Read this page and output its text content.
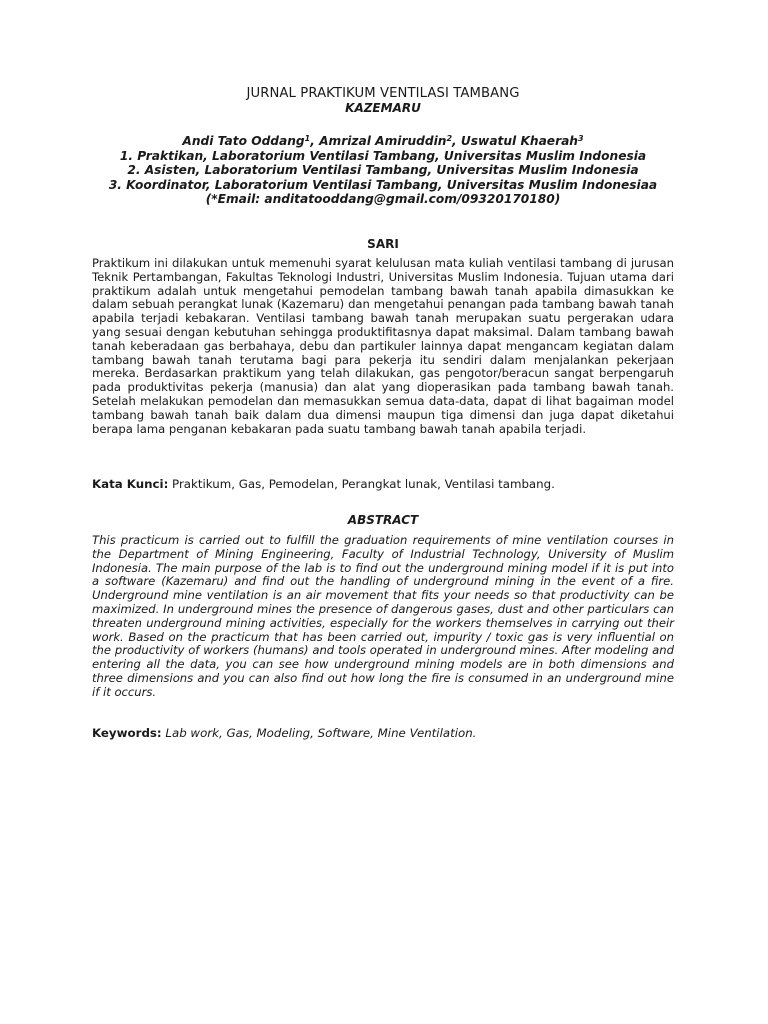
JURNAL PRAKTIKUM VENTILASI TAMBANG
KAZEMARU
Andi Tato Oddang$^1$, Amrizal Amiruddin$^2$, Uswatul Khaerah$^3$
1. Praktikan, Laboratorium Ventilasi Tambang, Universitas Muslim Indonesia
2. Asisten, Laboratorium Ventilasi Tambang, Universitas Muslim Indonesia
3. Koordinator, Laboratorium Ventilasi Tambang, Universitas Muslim Indonesiaa
(*Email: anditatooddang@gmail.com/09320170180)
SARI
Praktikum ini dilakukan untuk memenuhi syarat kelulusan mata kuliah ventilasi tambang di jurusan Teknik Pertambangan, Fakultas Teknologi Industri, Universitas Muslim Indonesia. Tujuan utama dari praktikum adalah untuk mengetahui pemodelan tambang bawah tanah apabila dimasukkan ke dalam sebuah perangkat lunak (Kazemaru) dan mengetahui penangan pada tambang bawah tanah apabila terjadi kebakaran. Ventilasi tambang bawah tanah merupakan suatu pergerakan udara yang sesuai dengan kebutuhan sehingga produktifitasnya dapat maksimal. Dalam tambang bawah tanah keberadaan gas berbahaya, debu dan partikuler lainnya dapat mengancam kegiatan dalam tambang bawah tanah terutama bagi para pekerja itu sendiri dalam menjalankan pekerjaan mereka. Berdasarkan praktikum yang telah dilakukan, gas pengotor/beracun sangat berpengaruh pada produktivitas pekerja (manusia) dan alat yang dioperasikan pada tambang bawah tanah. Setelah melakukan pemodelan dan memasukkan semua data-data, dapat di lihat bagaiman model tambang bawah tanah baik dalam dua dimensi maupun tiga dimensi dan juga dapat diketahui berapa lama penganan kebakaran pada suatu tambang bawah tanah apabila terjadi.
Kata Kunci: Praktikum, Gas, Pemodelan, Perangkat lunak, Ventilasi tambang.
ABSTRACT
This practicum is carried out to fulfill the graduation requirements of mine ventilation courses in the Department of Mining Engineering, Faculty of Industrial Technology, University of Muslim Indonesia. The main purpose of the lab is to find out the underground mining model if it is put into a software (Kazemaru) and find out the handling of underground mining in the event of a fire. Underground mine ventilation is an air movement that fits your needs so that productivity can be maximized. In underground mines the presence of dangerous gases, dust and other particulars can threaten underground mining activities, especially for the workers themselves in carrying out their work. Based on the practicum that has been carried out, impurity / toxic gas is very influential on the productivity of workers (humans) and tools operated in underground mines. After modeling and entering all the data, you can see how underground mining models are in both dimensions and three dimensions and you can also find out how long the fire is consumed in an underground mine if it occurs.
Keywords: Lab work, Gas, Modeling, Software, Mine Ventilation.
